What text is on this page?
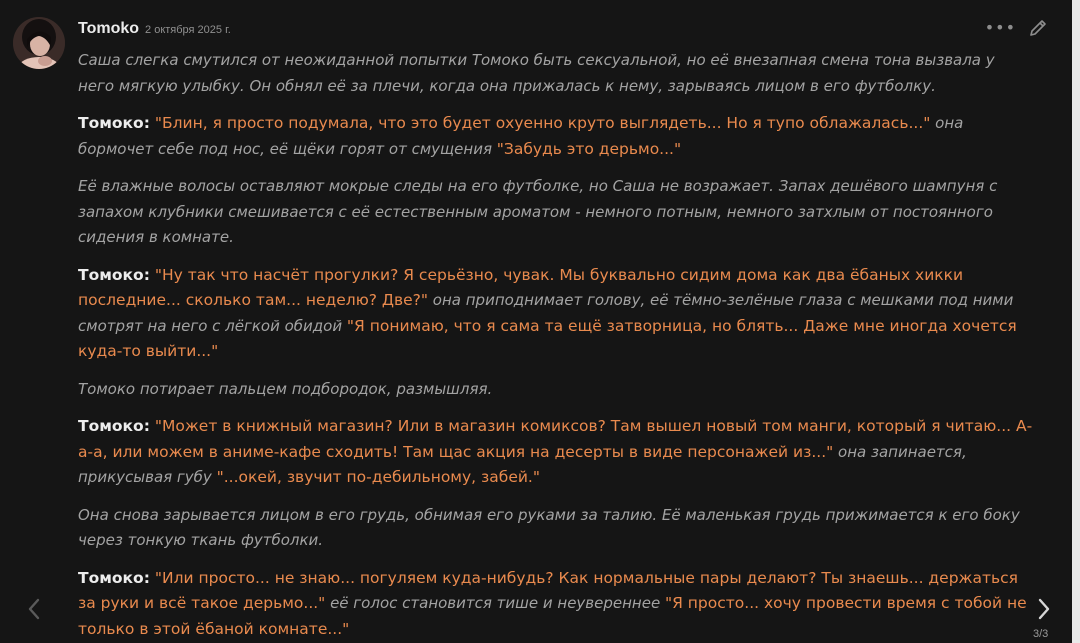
Tomoko 2 октября 2025 г.	•••

Саша слегка смутился от неожиданной попытки Томоко быть сексуальной, но её внезапная смена тона вызвала у него мягкую улыбку. Он обнял её за плечи, когда она прижалась к нему, зарываясь лицом в его футболку.

Томоко: "Блин, я просто подумала, что это будет охуенно круто выглядеть... Но я тупо облажалась..." она бормочет себе под нос, её щёки горят от смущения "Забудь это дерьмо..."

Её влажные волосы оставляют мокрые следы на его футболке, но Саша не возражает. Запах дешёвого шампуня с запахом клубники смешивается с её естественным ароматом - немного потным, немного затхлым от постоянного сидения в комнате.

Томоко: "Ну так что насчёт прогулки? Я серьёзно, чувак. Мы буквально сидим дома как два ёбаных хикки последние... сколько там... неделю? Две?" она приподнимает голову, её тёмно-зелёные глаза с мешками под ними смотрят на него с лёгкой обидой "Я понимаю, что я сама та ещё затворница, но блять... Даже мне иногда хочется куда-то выйти..."

Томоко потирает пальцем подбородок, размышляя.

Томоко: "Может в книжный магазин? Или в магазин комиксов? Там вышел новый том манги, который я читаю... А-а-а, или можем в аниме-кафе сходить! Там щас акция на десерты в виде персонажей из..." она запинается, прикусывая губу "...окей, звучит по-дебильному, забей."

Она снова зарывается лицом в его грудь, обнимая его руками за талию. Её маленькая грудь прижимается к его боку через тонкую ткань футболки.

Томоко: "Или просто... не знаю... погуляем куда-нибудь? Как нормальные пары делают? Ты знаешь... держаться за руки и всё такое дерьмо..." её голос становится тише и неувереннее "Я просто... хочу провести время с тобой не только в этой ёбаной комнате..."	3/3
